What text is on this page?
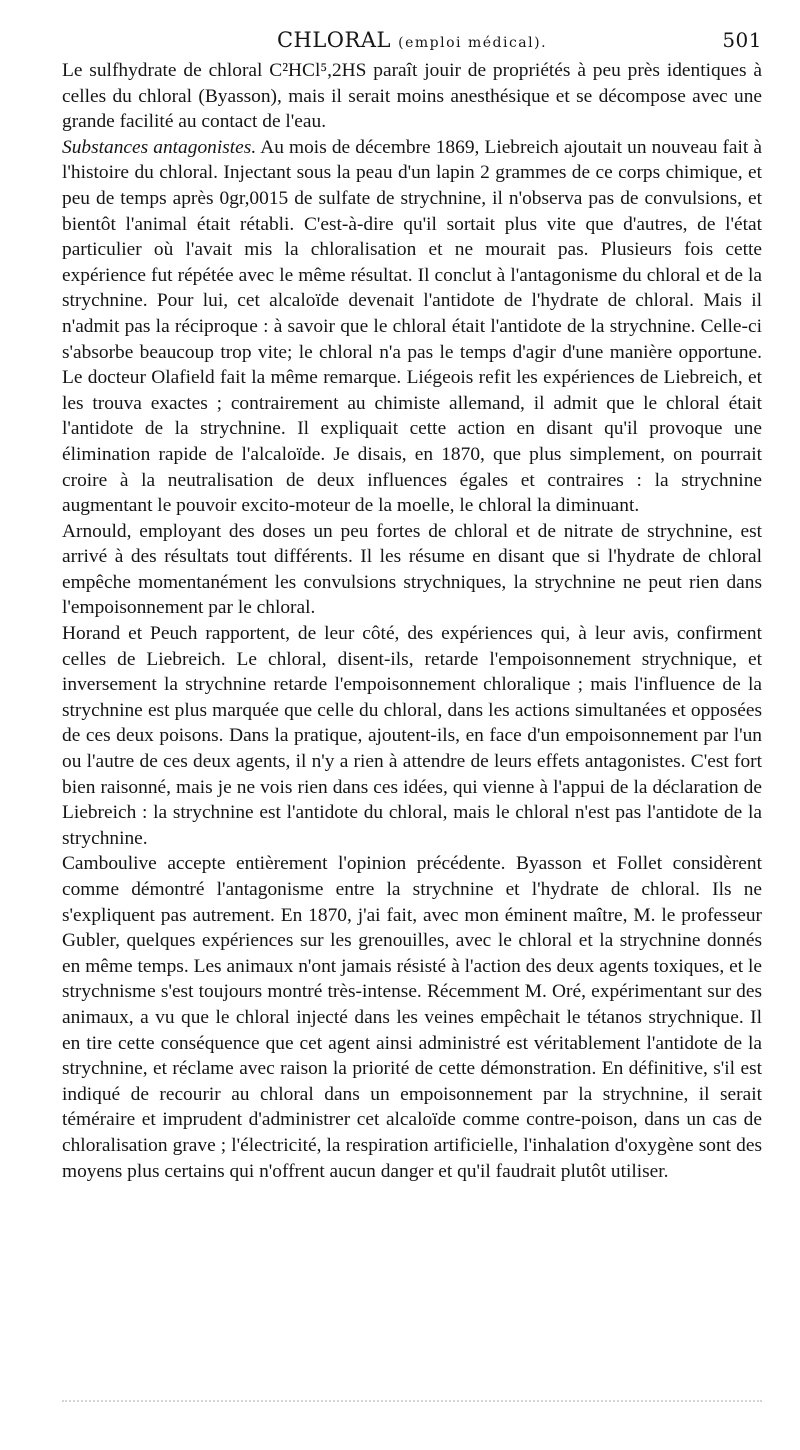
CHLORAL (emploi médical).	501

Le sulfhydrate de chloral C²HCl⁵,2HS paraît jouir de propriétés à peu près identiques à celles du chloral (Byasson), mais il serait moins anesthésique et se décompose avec une grande facilité au contact de l'eau.

Substances antagonistes. Au mois de décembre 1869, Liebreich ajoutait un nouveau fait à l'histoire du chloral. Injectant sous la peau d'un lapin 2 grammes de ce corps chimique, et peu de temps après 0gr,0015 de sulfate de strychnine, il n'observa pas de convulsions, et bientôt l'animal était rétabli. C'est-à-dire qu'il sortait plus vite que d'autres, de l'état particulier où l'avait mis la chloralisation et ne mourait pas. Plusieurs fois cette expérience fut répétée avec le même résultat. Il conclut à l'antagonisme du chloral et de la strychnine. Pour lui, cet alcaloïde devenait l'antidote de l'hydrate de chloral. Mais il n'admit pas la réciproque : à savoir que le chloral était l'antidote de la strychnine. Celle-ci s'absorbe beaucoup trop vite; le chloral n'a pas le temps d'agir d'une manière opportune. Le docteur Olafield fait la même remarque. Liégeois refit les expériences de Liebreich, et les trouva exactes ; contrairement au chimiste allemand, il admit que le chloral était l'antidote de la strychnine. Il expliquait cette action en disant qu'il provoque une élimination rapide de l'alcaloïde. Je disais, en 1870, que plus simplement, on pourrait croire à la neutralisation de deux influences égales et contraires : la strychnine augmentant le pouvoir excito-moteur de la moelle, le chloral la diminuant.

Arnould, employant des doses un peu fortes de chloral et de nitrate de strychnine, est arrivé à des résultats tout différents. Il les résume en disant que si l'hydrate de chloral empêche momentanément les convulsions strychniques, la strychnine ne peut rien dans l'empoisonnement par le chloral.

Horand et Peuch rapportent, de leur côté, des expériences qui, à leur avis, confirment celles de Liebreich. Le chloral, disent-ils, retarde l'empoisonnement strychnique, et inversement la strychnine retarde l'empoisonnement chloralique ; mais l'influence de la strychnine est plus marquée que celle du chloral, dans les actions simultanées et opposées de ces deux poisons. Dans la pratique, ajoutent-ils, en face d'un empoisonnement par l'un ou l'autre de ces deux agents, il n'y a rien à attendre de leurs effets antagonistes. C'est fort bien raisonné, mais je ne vois rien dans ces idées, qui vienne à l'appui de la déclaration de Liebreich : la strychnine est l'antidote du chloral, mais le chloral n'est pas l'antidote de la strychnine.

Camboulive accepte entièrement l'opinion précédente. Byasson et Follet considèrent comme démontré l'antagonisme entre la strychnine et l'hydrate de chloral. Ils ne s'expliquent pas autrement. En 1870, j'ai fait, avec mon éminent maître, M. le professeur Gubler, quelques expériences sur les grenouilles, avec le chloral et la strychnine donnés en même temps. Les animaux n'ont jamais résisté à l'action des deux agents toxiques, et le strychnisme s'est toujours montré très-intense. Récemment M. Oré, expérimentant sur des animaux, a vu que le chloral injecté dans les veines empêchait le tétanos strychnique. Il en tire cette conséquence que cet agent ainsi administré est véritablement l'antidote de la strychnine, et réclame avec raison la priorité de cette démonstration. En définitive, s'il est indiqué de recourir au chloral dans un empoisonnement par la strychnine, il serait téméraire et imprudent d'administrer cet alcaloïde comme contre-poison, dans un cas de chloralisation grave ; l'électricité, la respiration artificielle, l'inhalation d'oxygène sont des moyens plus certains qui n'offrent aucun danger et qu'il faudrait plutôt utiliser.
